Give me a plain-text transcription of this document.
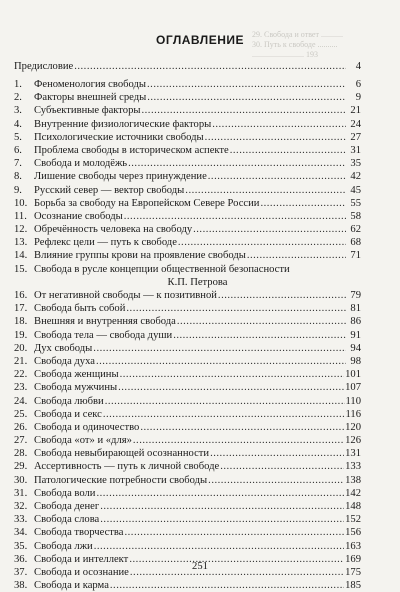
29. Свобода и ответ ...........
30. Путь к свободе ..........
.......................... 193
ОГЛАВЛЕНИЕ
Предисловие .....	4
1.	Феноменология свободы .....	6
2.	Факторы внешней среды .....	9
3.	Субъективные факторы .....	21
4.	Внутренние физиологические факторы .....	24
5.	Психологические источники свободы .....	27
6.	Проблема свободы в историческом аспекте .....	31
7.	Свобода и молодёжь .....	35
8.	Лишение свободы через принуждение .....	42
9.	Русский север — вектор свободы .....	45
10. Борьба за свободу на Европейском Севере России .....	55
11. Осознание свободы .....	58
12. Обречённость человека на свободу .....	62
13. Рефлекс цели — путь к свободе .....	68
14. Влияние группы крови на проявление свободы .....	71
15. Свобода в русле концепции общественной безопасности
К.П. Петрова
16. От негативной свободы — к позитивной .....	79
17. Свобода быть собой .....	81
18. Внешняя и внутренняя свобода .....	86
19. Свобода тела — свобода души .....	91
20. Дух свободы .....	94
21. Свобода духа .....	98
22. Свобода женщины .....	101
23. Свобода мужчины .....	107
24. Свобода любви .....	110
25. Свобода и секс .....	116
26. Свобода и одиночество .....	120
27. Свобода «от» и «для» .....	126
28. Свобода невыбирающей осознанности .....	131
29. Ассертивность — путь к личной свободе .....	133
30. Патологические потребности свободы .....	138
31. Свобода воли .....	142
32. Свобода денег .....	148
33. Свобода слова .....	152
34. Свобода творчества .....	156
35. Свобода лжи .....	163
36. Свобода и интеллект .....	169
37. Свобода и осознание .....	175
38. Свобода и карма .....	185
251
